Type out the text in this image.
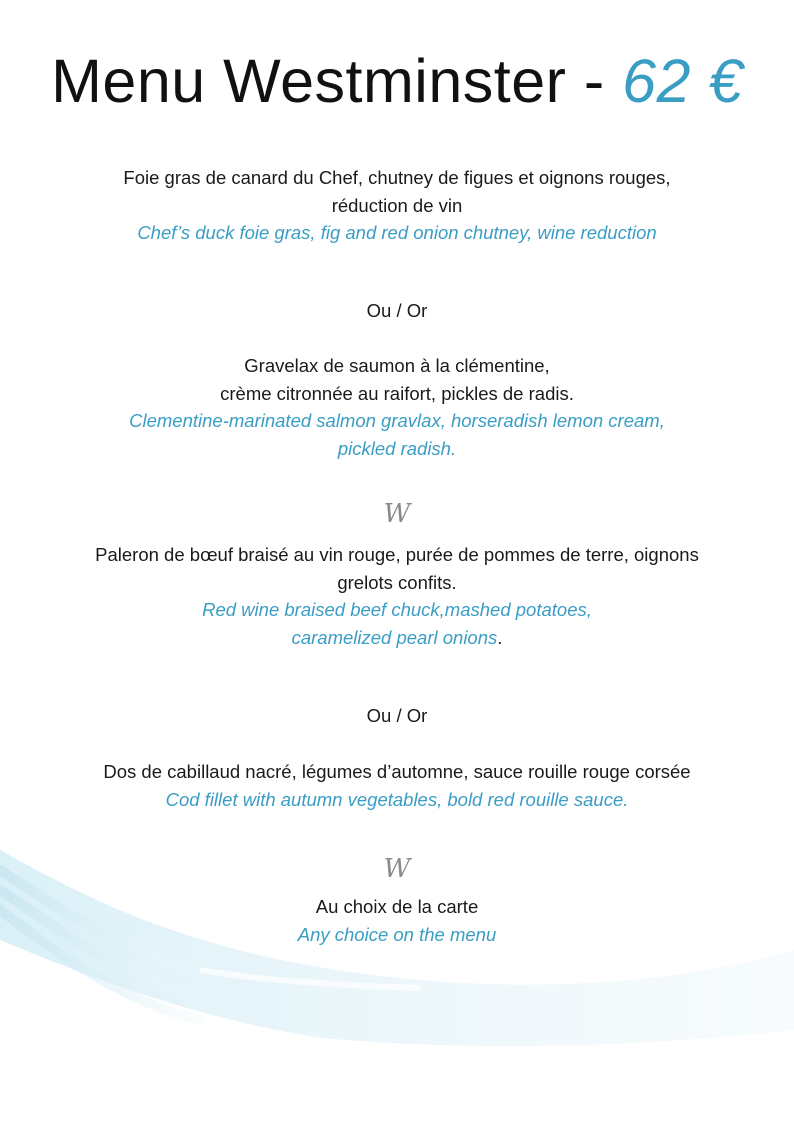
Menu Westminster - 62 €
Foie gras de canard du Chef, chutney de figues et oignons rouges,
réduction de vin
Chef’s duck foie gras, fig and red onion chutney, wine reduction
Ou / Or
Gravelax de saumon à la clémentine,
crème citronnée au raifort, pickles de radis.
Clementine-marinated salmon gravlax, horseradish lemon cream,
pickled radish.
W
Paleron de bœuf braisé au vin rouge, purée de pommes de terre, oignons
grelots confits.
Red wine braised beef chuck,mashed potatoes,
caramelized pearl onions.
Ou / Or
Dos de cabillaud nacré, légumes d’automne, sauce rouille rouge corsée
Cod fillet with autumn vegetables, bold red rouille sauce.
W
Au choix de la carte
Any choice on the menu
